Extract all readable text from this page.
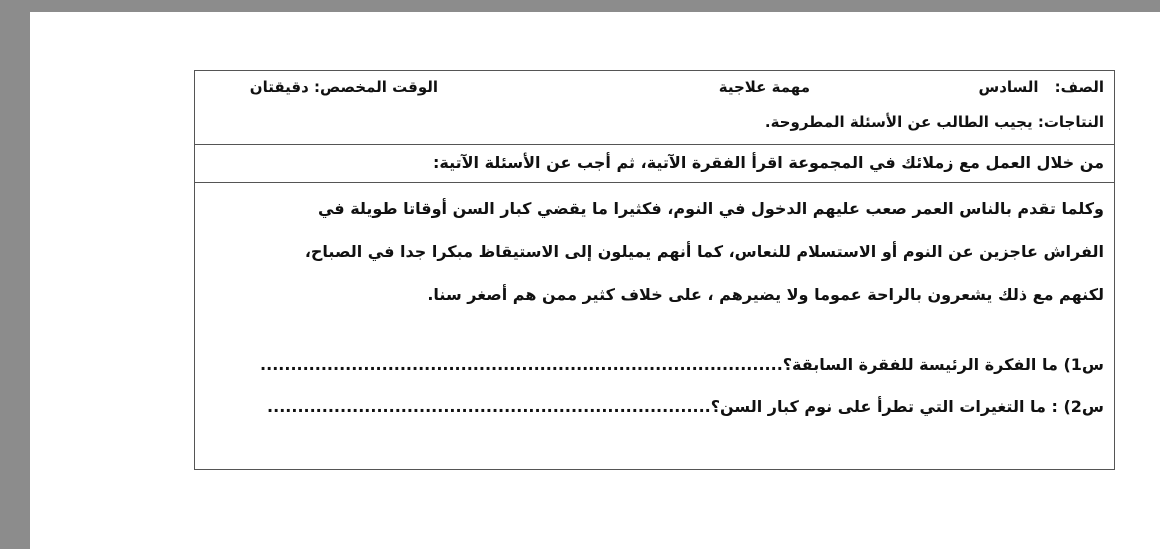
الصف:السادس
مهمة علاجية
الوقت المخصص: دقيقتان
النتاجات: يجيب الطالب عن الأسئلة المطروحة.
من خلال العمل مع زملائك في المجموعة اقرأ الفقرة الآتية، ثم أجب عن الأسئلة الآتية:
وكلما تقدم بالناس العمر صعب عليهم الدخول في النوم، فكثيرا ما يقضي كبار السن أوقاتا طويلة في
الفراش عاجزين عن النوم أو الاستسلام للنعاس، كما أنهم يميلون إلى الاستيقاظ مبكرا جدا في الصباح،
لكنهم مع ذلك يشعرون بالراحة عموما ولا يضيرهم ، على خلاف كثير ممن هم أصغر سنا.
س1) ما الفكرة الرئيسة للفقرة السابقة؟......................................................................................
س2) : ما التغيرات التي تطرأ على نوم كبار السن؟.........................................................................
